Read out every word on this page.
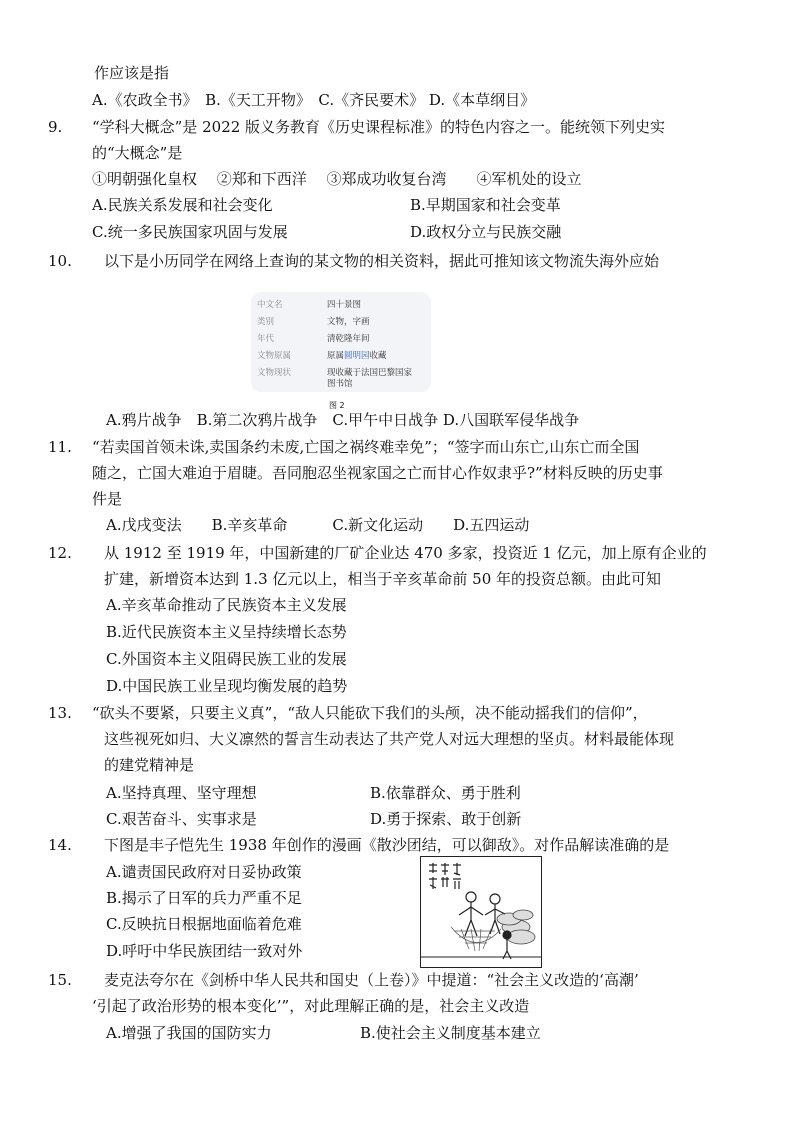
作应该是指
A.《农政全书》　B.《天工开物》　C.《齐民要术》 D.《本草纲目》
9. “学科大概念”是 2022 版义务教育《历史课程标准》的特色内容之一。能统领下列史实
的“大概念”是
①明朝强化皇权　 ②郑和下西洋　 ③郑成功收复台湾　　④军机处的设立
A.民族关系发展和社会变化	B.早期国家和社会变革
C.统一多民族国家巩固与发展	D.政权分立与民族交融
10. 以下是小历同学在网络上查询的某文物的相关资料，据此可推知该文物流失海外应始
中文名	四十景图
类别	文物，字画
年代	清乾隆年间
文物原属	原属圆明园收藏
文物现状	现收藏于法国巴黎国家
图书馆
图 2
A.鸦片战争　B.第二次鸦片战争　C.甲午中日战争 D.八国联军侵华战争
11. “若卖国首领未诛,卖国条约未废,亡国之祸终难幸免”；“签字而山东亡,山东亡而全国
随之，亡国大难迫于眉睫。吾同胞忍坐视家国之亡而甘心作奴隶乎?”材料反映的历史事
件是
A.戊戌变法　　B.辛亥革命　　　C.新文化运动　　D.五四运动
12. 从 1912 至 1919 年，中国新建的厂矿企业达 470 多家，投资近 1 亿元，加上原有企业的
扩建，新增资本达到 1.3 亿元以上，相当于辛亥革命前 50 年的投资总额。由此可知
A.辛亥革命推动了民族资本主义发展
B.近代民族资本主义呈持续增长态势
C.外国资本主义阻碍民族工业的发展
D.中国民族工业呈现均衡发展的趋势
13. “砍头不要紧，只要主义真”，“敌人只能砍下我们的头颅，决不能动摇我们的信仰”，
这些视死如归、大义凛然的誓言生动表达了共产党人对远大理想的坚贞。材料最能体现
的建党精神是
A.坚持真理、坚守理想	B.依靠群众、勇于胜利
C.艰苦奋斗、实事求是	D.勇于探索、敢于创新
14. 下图是丰子恺先生 1938 年创作的漫画《散沙团结，可以御敌》。对作品解读准确的是
A.谴责国民政府对日妥协政策
B.揭示了日军的兵力严重不足
C.反映抗日根据地面临着危难
D.呼吁中华民族团结一致对外
15. 麦克法夸尔在《剑桥中华人民共和国史（上卷）》中提道：“社会主义改造的‘高潮’
‘引起了政治形势的根本变化’”，对此理解正确的是，社会主义改造
A.增强了我国的国防实力	B.使社会主义制度基本建立
